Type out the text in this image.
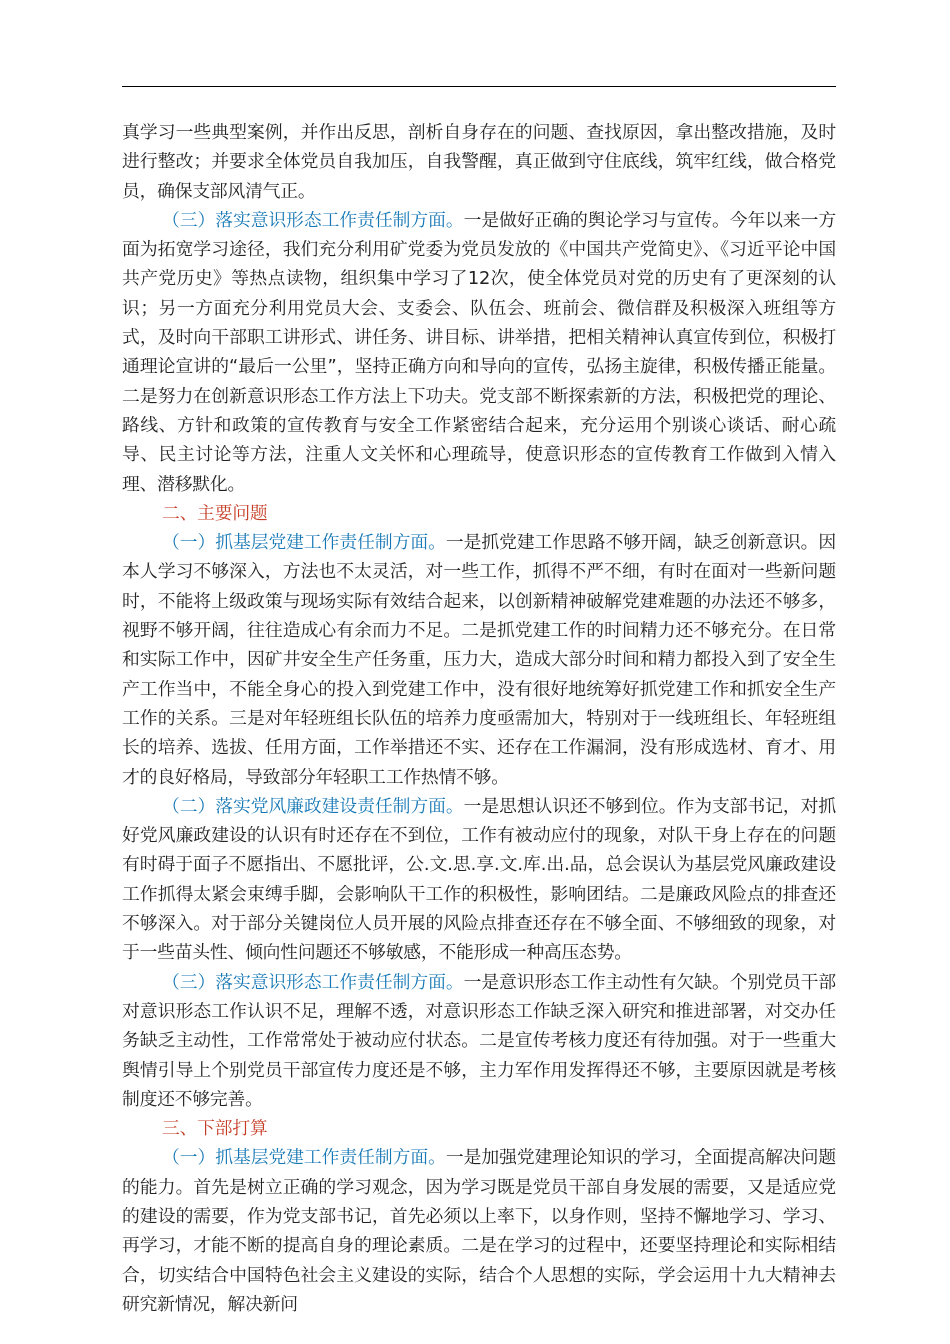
真学习一些典型案例，并作出反思，剖析自身存在的问题、查找原因，拿出整改措施，及时进行整改；并要求全体党员自我加压，自我警醒，真正做到守住底线，筑牢红线，做合格党员，确保支部风清气正。

（三）落实意识形态工作责任制方面。一是做好正确的舆论学习与宣传。今年以来一方面为拓宽学习途径，我们充分利用矿党委为党员发放的《中国共产党简史》、《习近平论中国共产党历史》等热点读物，组织集中学习了12次，使全体党员对党的历史有了更深刻的认识；另一方面充分利用党员大会、支委会、队伍会、班前会、微信群及积极深入班组等方式，及时向干部职工讲形式、讲任务、讲目标、讲举措，把相关精神认真宣传到位，积极打通理论宣讲的“最后一公里”，坚持正确方向和导向的宣传，弘扬主旋律，积极传播正能量。二是努力在创新意识形态工作方法上下功夫。党支部不断探索新的方法，积极把党的理论、路线、方针和政策的宣传教育与安全工作紧密结合起来，充分运用个别谈心谈话、耐心疏导、民主讨论等方法，注重人文关怀和心理疏导，使意识形态的宣传教育工作做到入情入理、潜移默化。

二、主要问题

（一）抓基层党建工作责任制方面。一是抓党建工作思路不够开阔，缺乏创新意识。因本人学习不够深入，方法也不太灵活，对一些工作，抓得不严不细，有时在面对一些新问题时，不能将上级政策与现场实际有效结合起来，以创新精神破解党建难题的办法还不够多，视野不够开阔，往往造成心有余而力不足。二是抓党建工作的时间精力还不够充分。在日常和实际工作中，因矿井安全生产任务重，压力大，造成大部分时间和精力都投入到了安全生产工作当中，不能全身心的投入到党建工作中，没有很好地统筹好抓党建工作和抓安全生产工作的关系。三是对年轻班组长队伍的培养力度亟需加大，特别对于一线班组长、年轻班组长的培养、选拔、任用方面，工作举措还不实、还存在工作漏洞，没有形成选材、育才、用才的良好格局，导致部分年轻职工工作热情不够。

（二）落实党风廉政建设责任制方面。一是思想认识还不够到位。作为支部书记，对抓好党风廉政建设的认识有时还存在不到位，工作有被动应付的现象，对队干身上存在的问题有时碍于面子不愿指出、不愿批评，公.文.思.享.文.库.出.品，总会误认为基层党风廉政建设工作抓得太紧会束缚手脚，会影响队干工作的积极性，影响团结。二是廉政风险点的排查还不够深入。对于部分关键岗位人员开展的风险点排查还存在不够全面、不够细致的现象，对于一些苗头性、倾向性问题还不够敏感，不能形成一种高压态势。

（三）落实意识形态工作责任制方面。一是意识形态工作主动性有欠缺。个别党员干部对意识形态工作认识不足，理解不透，对意识形态工作缺乏深入研究和推进部署，对交办任务缺乏主动性，工作常常处于被动应付状态。二是宣传考核力度还有待加强。对于一些重大舆情引导上个别党员干部宣传力度还是不够，主力军作用发挥得还不够，主要原因就是考核制度还不够完善。

三、下部打算

（一）抓基层党建工作责任制方面。一是加强党建理论知识的学习，全面提高解决问题的能力。首先是树立正确的学习观念，因为学习既是党员干部自身发展的需要，又是适应党的建设的需要，作为党支部书记，首先必须以上率下，以身作则，坚持不懈地学习、学习、再学习，才能不断的提高自身的理论素质。二是在学习的过程中，还要坚持理论和实际相结合，切实结合中国特色社会主义建设的实际，结合个人思想的实际，学会运用十九大精神去研究新情况，解决新问
